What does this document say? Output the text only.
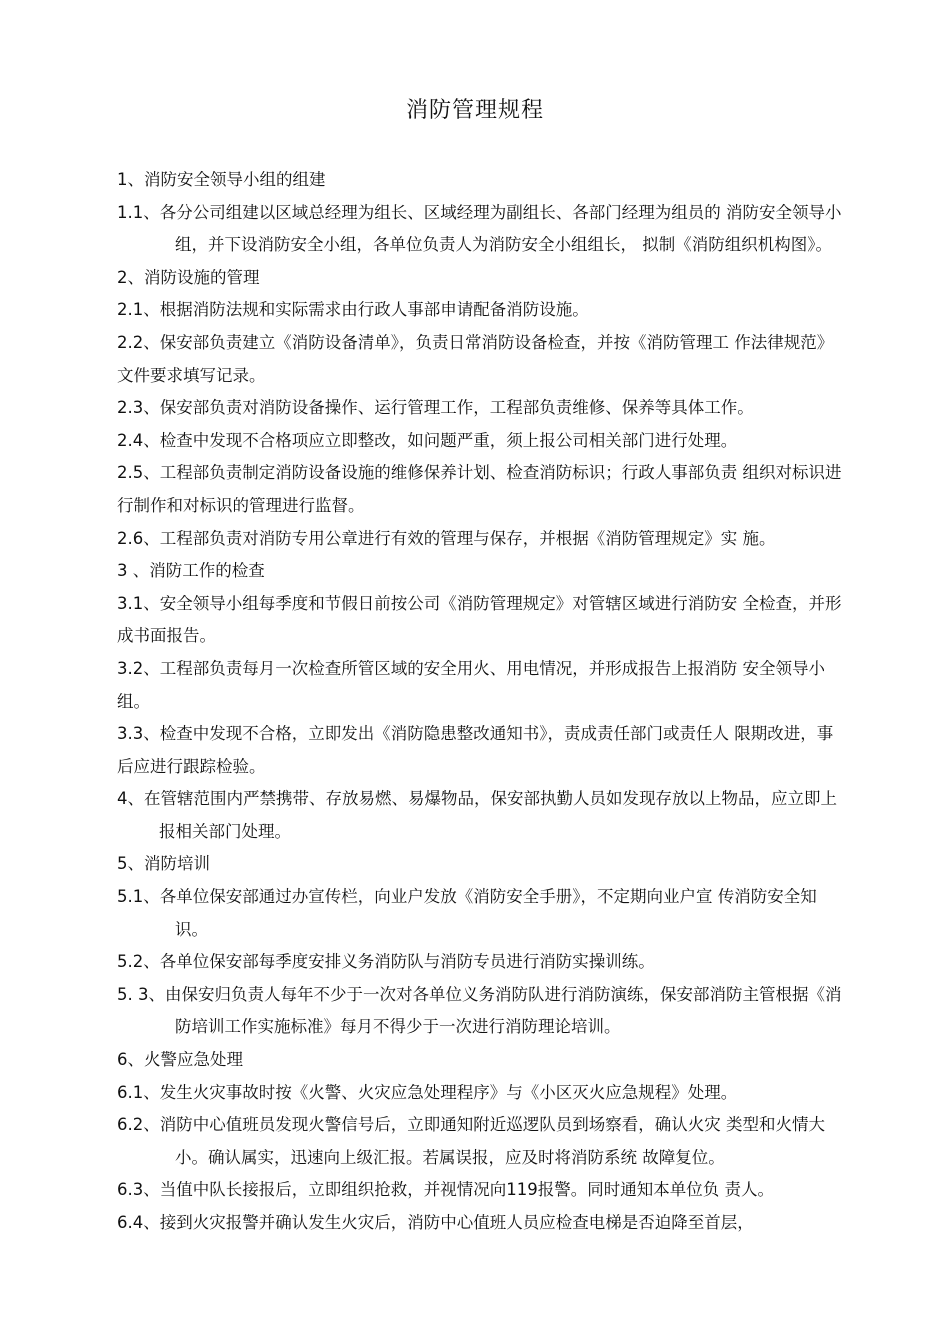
消防管理规程

1、消防安全领导小组的组建

1.1、各分公司组建以区域总经理为组长、区域经理为副组长、各部门经理为组员的 消防安全领导小组，并下设消防安全小组，各单位负责人为消防安全小组组长， 拟制《消防组织机构图》。

2、消防设施的管理

2.1、根据消防法规和实际需求由行政人事部申请配备消防设施。

2.2、保安部负责建立《消防设备清单》，负责日常消防设备检查，并按《消防管理工 作法律规范》文件要求填写记录。

2.3、保安部负责对消防设备操作、运行管理工作，工程部负责维修、保养等具体工作。

2.4、检查中发现不合格项应立即整改，如问题严重，须上报公司相关部门进行处理。

2.5、工程部负责制定消防设备设施的维修保养计划、检查消防标识；行政人事部负责 组织对标识进行制作和对标识的管理进行监督。

2.6、工程部负责对消防专用公章进行有效的管理与保存，并根据《消防管理规定》实 施。

3 、消防工作的检查

3.1、安全领导小组每季度和节假日前按公司《消防管理规定》对管辖区域进行消防安 全检查，并形成书面报告。

3.2、工程部负责每月一次检查所管区域的安全用火、用电情况，并形成报告上报消防 安全领导小组。

3.3、检查中发现不合格，立即发出《消防隐患整改通知书》，责成责任部门或责任人 限期改进，事后应进行跟踪检验。

4、在管辖范围内严禁携带、存放易燃、易爆物品，保安部执勤人员如发现存放以上物品，应立即上报相关部门处理。

5、消防培训

5.1、各单位保安部通过办宣传栏，向业户发放《消防安全手册》，不定期向业户宣 传消防安全知识。

5.2、各单位保安部每季度安排义务消防队与消防专员进行消防实操训练。

5. 3、由保安归负责人每年不少于一次对各单位义务消防队进行消防演练，保安部消防主管根据《消防培训工作实施标准》每月不得少于一次进行消防理论培训。

6、火警应急处理

6.1、发生火灾事故时按《火警、火灾应急处理程序》与《小区灭火应急规程》处理。

6.2、消防中心值班员发现火警信号后，立即通知附近巡逻队员到场察看，确认火灾 类型和火情大小。确认属实，迅速向上级汇报。若属误报，应及时将消防系统 故障复位。

6.3、当值中队长接报后，立即组织抢救，并视情况向119报警。同时通知本单位负 责人。

6.4、接到火灾报警并确认发生火灾后，消防中心值班人员应检查电梯是否迫降至首层，
